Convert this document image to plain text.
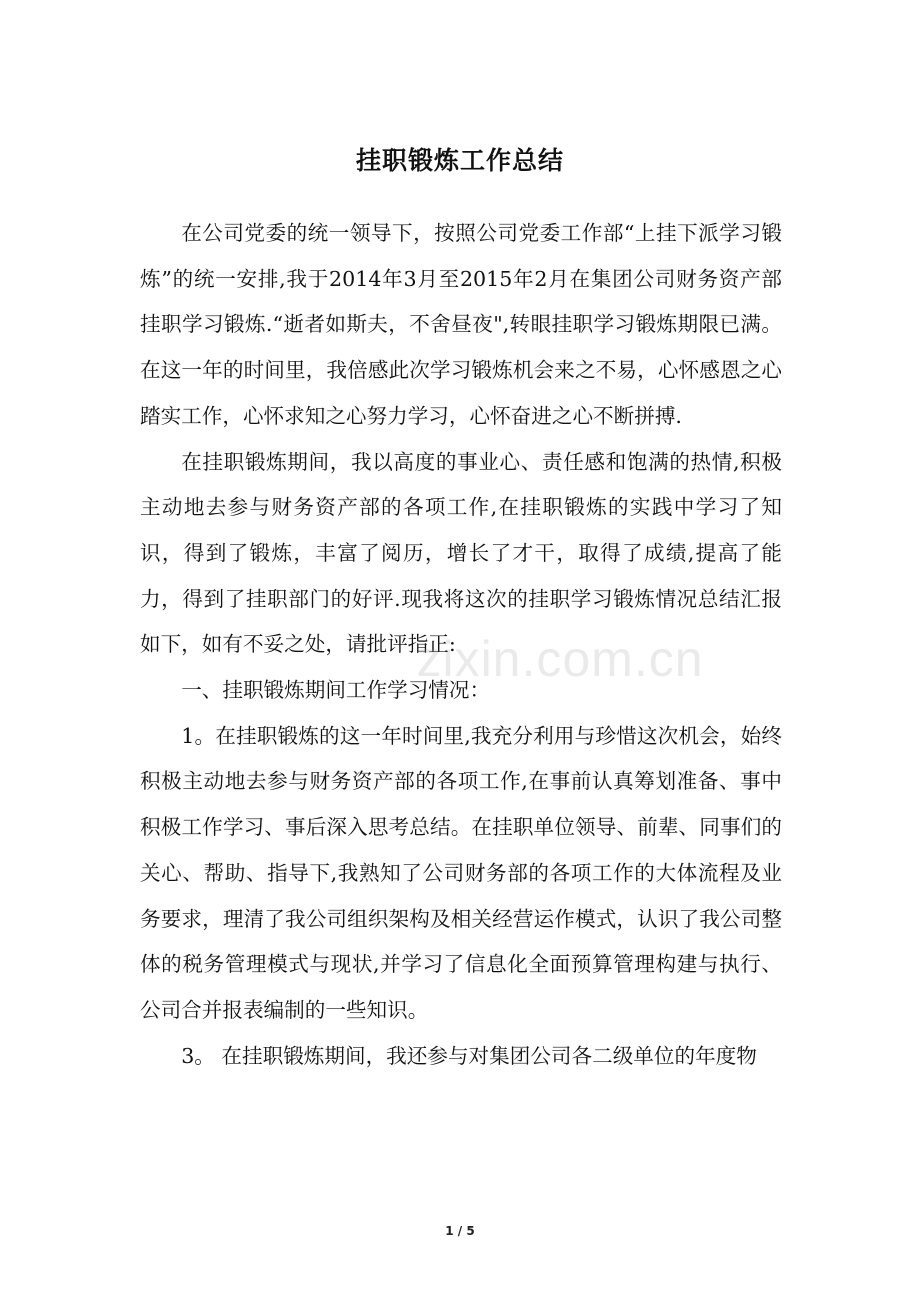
挂职锻炼工作总结

在公司党委的统一领导下，按照公司党委工作部“上挂下派学习锻炼”的统一安排,我于2014年3月至2015年2月在集团公司财务资产部挂职学习锻炼.“逝者如斯夫，不舍昼夜",转眼挂职学习锻炼期限已满。在这一年的时间里，我倍感此次学习锻炼机会来之不易，心怀感恩之心踏实工作，心怀求知之心努力学习，心怀奋进之心不断拼搏.

在挂职锻炼期间，我以高度的事业心、责任感和饱满的热情,积极主动地去参与财务资产部的各项工作,在挂职锻炼的实践中学习了知识，得到了锻炼，丰富了阅历，增长了才干，取得了成绩,提高了能力，得到了挂职部门的好评.现我将这次的挂职学习锻炼情况总结汇报如下，如有不妥之处，请批评指正:

一、挂职锻炼期间工作学习情况：

1。在挂职锻炼的这一年时间里,我充分利用与珍惜这次机会，始终积极主动地去参与财务资产部的各项工作,在事前认真筹划准备、事中积极工作学习、事后深入思考总结。在挂职单位领导、前辈、同事们的关心、帮助、指导下,我熟知了公司财务部的各项工作的大体流程及业务要求，理清了我公司组织架构及相关经营运作模式，认识了我公司整体的税务管理模式与现状,并学习了信息化全面预算管理构建与执行、公司合并报表编制的一些知识。

3。 在挂职锻炼期间，我还参与对集团公司各二级单位的年度物

zixin.com.cn
1 / 5
